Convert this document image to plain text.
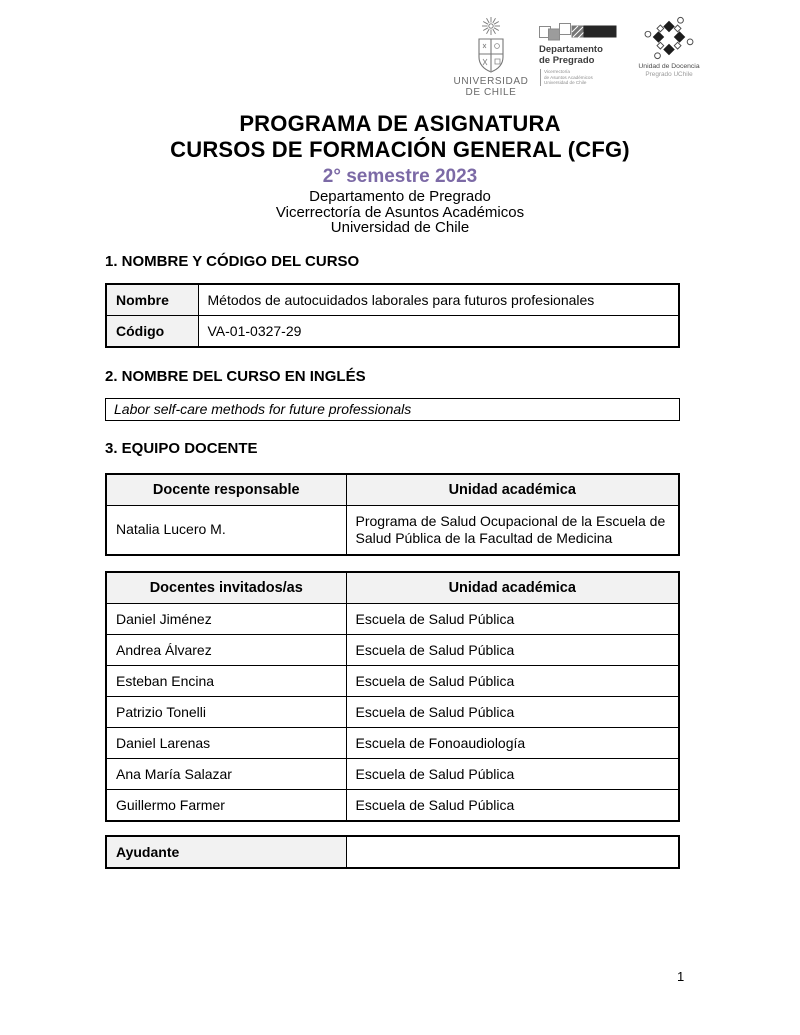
UNIVERSIDAD
DE CHILE
Departamento
de Pregrado
Vicerrectoría
de Asuntos Académicos
Universidad de Chile
Unidad de Docencia
Pregrado UChile
PROGRAMA DE ASIGNATURA
CURSOS DE FORMACIÓN GENERAL (CFG)
2° semestre 2023
Departamento de Pregrado
Vicerrectoría de Asuntos Académicos
Universidad de Chile
1. NOMBRE Y CÓDIGO DEL CURSO
Nombre	Métodos de autocuidados laborales para futuros profesionales
Código	VA-01-0327-29
2. NOMBRE DEL CURSO EN INGLÉS
Labor self-care methods for future professionals
3. EQUIPO DOCENTE
Docente responsable	Unidad académica
Natalia Lucero M.	Programa de Salud Ocupacional de la Escuela de Salud Pública de la Facultad de Medicina
Docentes invitados/as	Unidad académica
Daniel Jiménez	Escuela de Salud Pública
Andrea Álvarez	Escuela de Salud Pública
Esteban Encina	Escuela de Salud Pública
Patrizio Tonelli	Escuela de Salud Pública
Daniel Larenas	Escuela de Fonoaudiología
Ana María Salazar	Escuela de Salud Pública
Guillermo Farmer	Escuela de Salud Pública
Ayudante	
1
